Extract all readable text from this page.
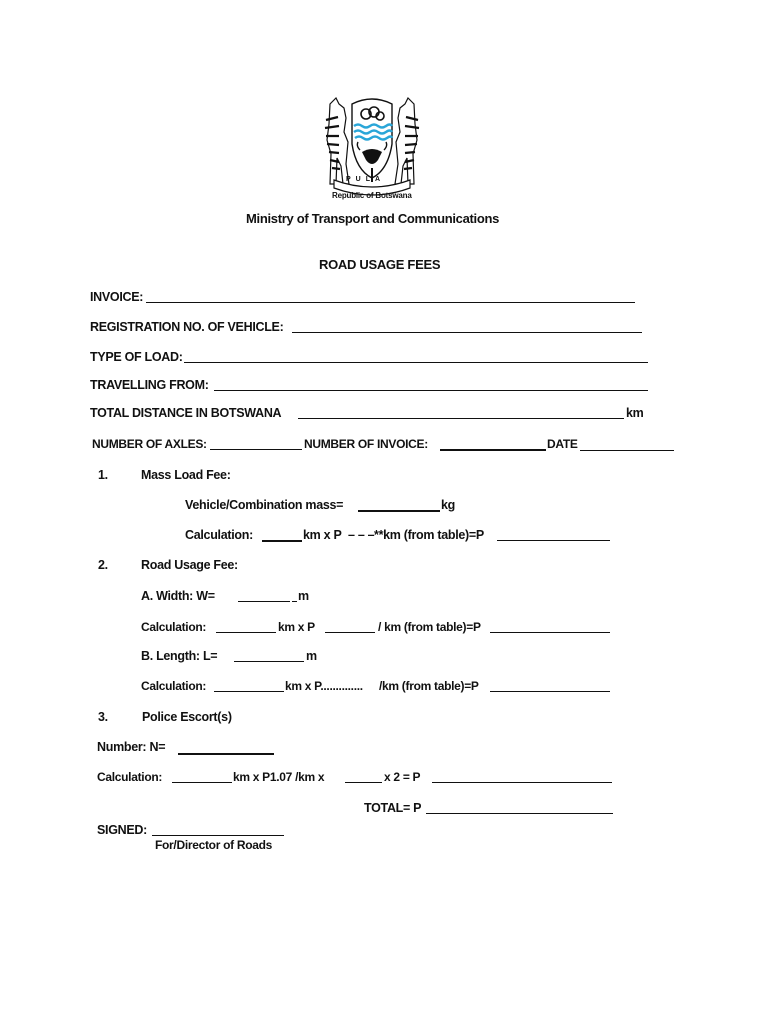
PULA
Republic of Botswana
Ministry of Transport and Communications
ROAD USAGE FEES
INVOICE:
REGISTRATION NO. OF VEHICLE:
TYPE OF LOAD:
TRAVELLING FROM:
TOTAL DISTANCE IN BOTSWANA	km
NUMBER OF AXLES:	NUMBER OF INVOICE:	DATE
1.	Mass Load Fee:
Vehicle/Combination mass=	kg
Calculation:	km x P – – – **km (from table)=P
2.	Road Usage Fee:
A. Width: W=	m
Calculation:	km x P	/ km (from table)=P
B. Length: L=	m
Calculation:	km x P.............. /km (from table)=P
3.	Police Escort(s)
Number: N=
Calculation:	km x P1.07 /km x	x 2 = P
TOTAL= P
SIGNED:
For/Director of Roads
